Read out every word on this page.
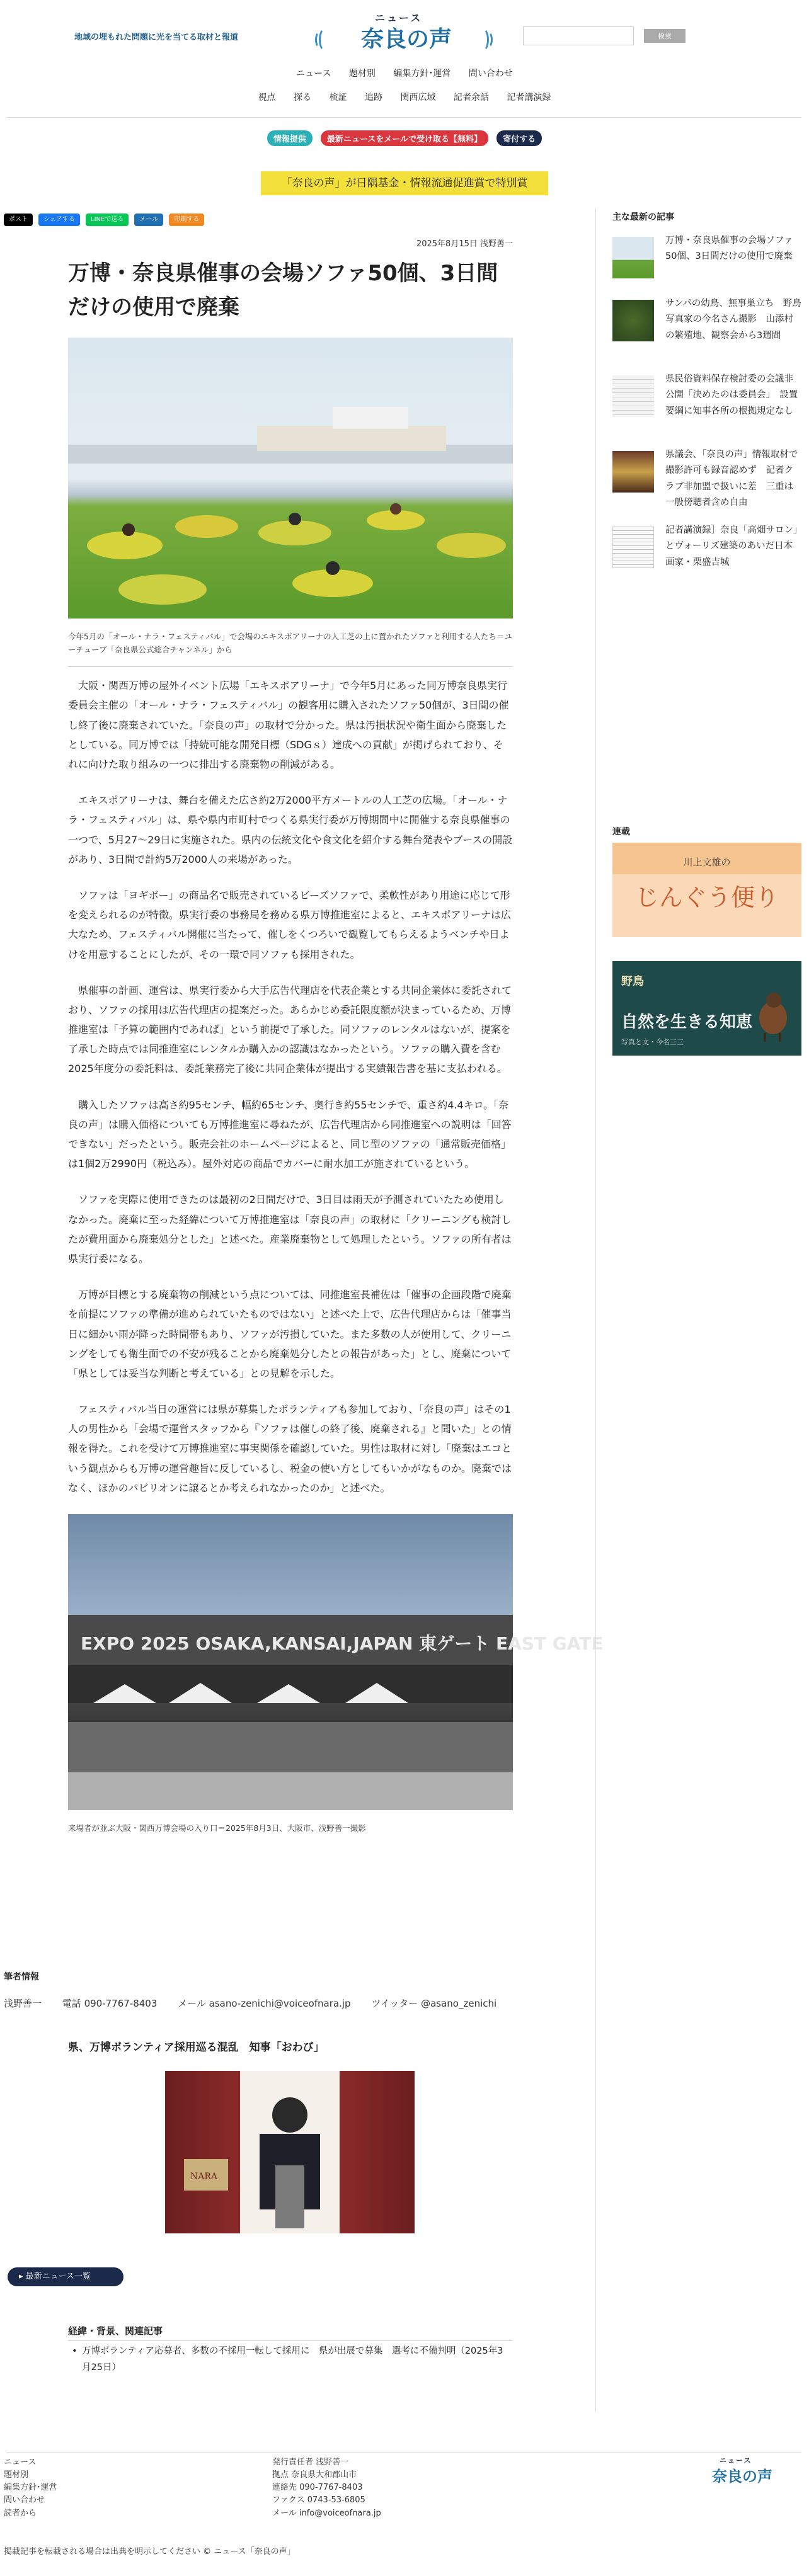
地域の埋もれた問題に光を当てる取材と報道
ニュース
奈良の声	検索
ニュース 題材別 編集方針･運営 問い合わせ
視点 探る 検証 追跡 関西広域 記者余話 記者講演録
情報提供	最新ニュースをメールで受け取る【無料】	寄付する
「奈良の声」が日隅基金・情報流通促進賞で特別賞
ポスト	シェアする	LINEで送る	メール	印刷する
2025年8月15日 浅野善一
万博・奈良県催事の会場ソファ50個、3日間だけの使用で廃棄
今年5月の「オール・ナラ・フェスティバル」で会場のエキスポアリーナの人工芝の上に置かれたソファと利用する人たち＝ユーチューブ「奈良県公式総合チャンネル」から

大阪・関西万博の屋外イベント広場「エキスポアリーナ」で今年5月にあった同万博奈良県実行委員会主催の「オール・ナラ・フェスティバル」の観客用に購入されたソファ50個が、3日間の催し終了後に廃棄されていた。「奈良の声」の取材で分かった。県は汚損状況や衛生面から廃棄したとしている。同万博では「持続可能な開発目標（SDGｓ）達成への貢献」が掲げられており、それに向けた取り組みの一つに排出する廃棄物の削減がある。

エキスポアリーナは、舞台を備えた広さ約2万2000平方メートルの人工芝の広場。「オール・ナラ・フェスティバル」は、県や県内市町村でつくる県実行委が万博期間中に開催する奈良県催事の一つで、5月27～29日に実施された。県内の伝統文化や食文化を紹介する舞台発表やブースの開設があり、3日間で計約5万2000人の来場があった。

ソファは「ヨギボー」の商品名で販売されているビーズソファで、柔軟性があり用途に応じて形を変えられるのが特徴。県実行委の事務局を務める県万博推進室によると、エキスポアリーナは広大なため、フェスティバル開催に当たって、催しをくつろいで観覧してもらえるようベンチや日よけを用意することにしたが、その一環で同ソファも採用された。

県催事の計画、運営は、県実行委から大手広告代理店を代表企業とする共同企業体に委託されており、ソファの採用は広告代理店の提案だった。あらかじめ委託限度額が決まっているため、万博推進室は「予算の範囲内であれば」という前提で了承した。同ソファのレンタルはないが、提案を了承した時点では同推進室にレンタルか購入かの認識はなかったという。ソファの購入費を含む2025年度分の委託料は、委託業務完了後に共同企業体が提出する実績報告書を基に支払われる。

購入したソファは高さ約95センチ、幅約65センチ、奥行き約55センチで、重さ約4.4キロ。「奈良の声」は購入価格についても万博推進室に尋ねたが、広告代理店から同推進室への説明は「回答できない」だったという。販売会社のホームページによると、同じ型のソファの「通常販売価格」は1個2万2990円（税込み）。屋外対応の商品でカバーに耐水加工が施されているという。

ソファを実際に使用できたのは最初の2日間だけで、3日目は雨天が予測されていたため使用しなかった。廃棄に至った経緯について万博推進室は「奈良の声」の取材に「クリーニングも検討したが費用面から廃棄処分とした」と述べた。産業廃棄物として処理したという。ソファの所有者は県実行委になる。

万博が目標とする廃棄物の削減という点については、同推進室長補佐は「催事の企画段階で廃棄を前提にソファの準備が進められていたものではない」と述べた上で、広告代理店からは「催事当日に細かい雨が降った時間帯もあり、ソファが汚損していた。また多数の人が使用して、クリーニングをしても衛生面での不安が残ることから廃棄処分したとの報告があった」とし、廃棄について「県としては妥当な判断と考えている」との見解を示した。

フェスティバル当日の運営には県が募集したボランティアも参加しており、「奈良の声」はその1人の男性から「会場で運営スタッフから『ソファは催しの終了後、廃棄される』と聞いた」との情報を得た。これを受けて万博推進室に事実関係を確認していた。男性は取材に対し「廃棄はエコという観点からも万博の運営趣旨に反しているし、税金の使い方としてもいかがなものか。廃棄ではなく、ほかのパビリオンに譲るとか考えられなかったのか」と述べた。

EXPO 2025 OSAKA,KANSAI,JAPAN 東ゲート EAST GATE
来場者が並ぶ大阪・関西万博会場の入り口＝2025年8月3日、大阪市、浅野善一撮影
筆者情報
浅野善一 電話 090-7767-8403 メール asano-zenichi@voiceofnara.jp ツイッター @asano_zenichi
県、万博ボランティア採用巡る混乱　知事「おわび」
NARA
▸ 最新ニュース一覧
経緯・背景、関連記事
• 万博ボランティア応募者、多数の不採用一転して採用に　県が出展で募集　選考に不備判明（2025年3月25日）
主な最新の記事
万博・奈良県催事の会場ソファ50個、3日間だけの使用で廃棄
サンパの幼鳥、無事巣立ち　野鳥写真家の今名さん撮影　山添村の繁殖地、観察会から3週間
県民俗資料保存検討委の会議非公開「決めたのは委員会」　設置要綱に知事各所の根拠規定なし
県議会、「奈良の声」情報取材で撮影許可も録音認めず　記者クラブ非加盟で扱いに差　三重は一般傍聴者含め自由
記者講演録］奈良「高畑サロン」とヴォーリズ建築のあいだ日本画家・栗盛吉城
連載
川上文雄の
じんぐう便り
野鳥
自然を生きる知恵
写真と文・今名三三
ニュース
題材別
編集方針･運営
問い合わせ
読者から
発行責任者 浅野善一
拠点 奈良県大和郡山市
連絡先 090-7767-8403
ファクス 0743-53-6805
メール info@voiceofnara.jp
ニュース
奈良の声
掲載記事を転載される場合は出典を明示してください © ニュース「奈良の声」
